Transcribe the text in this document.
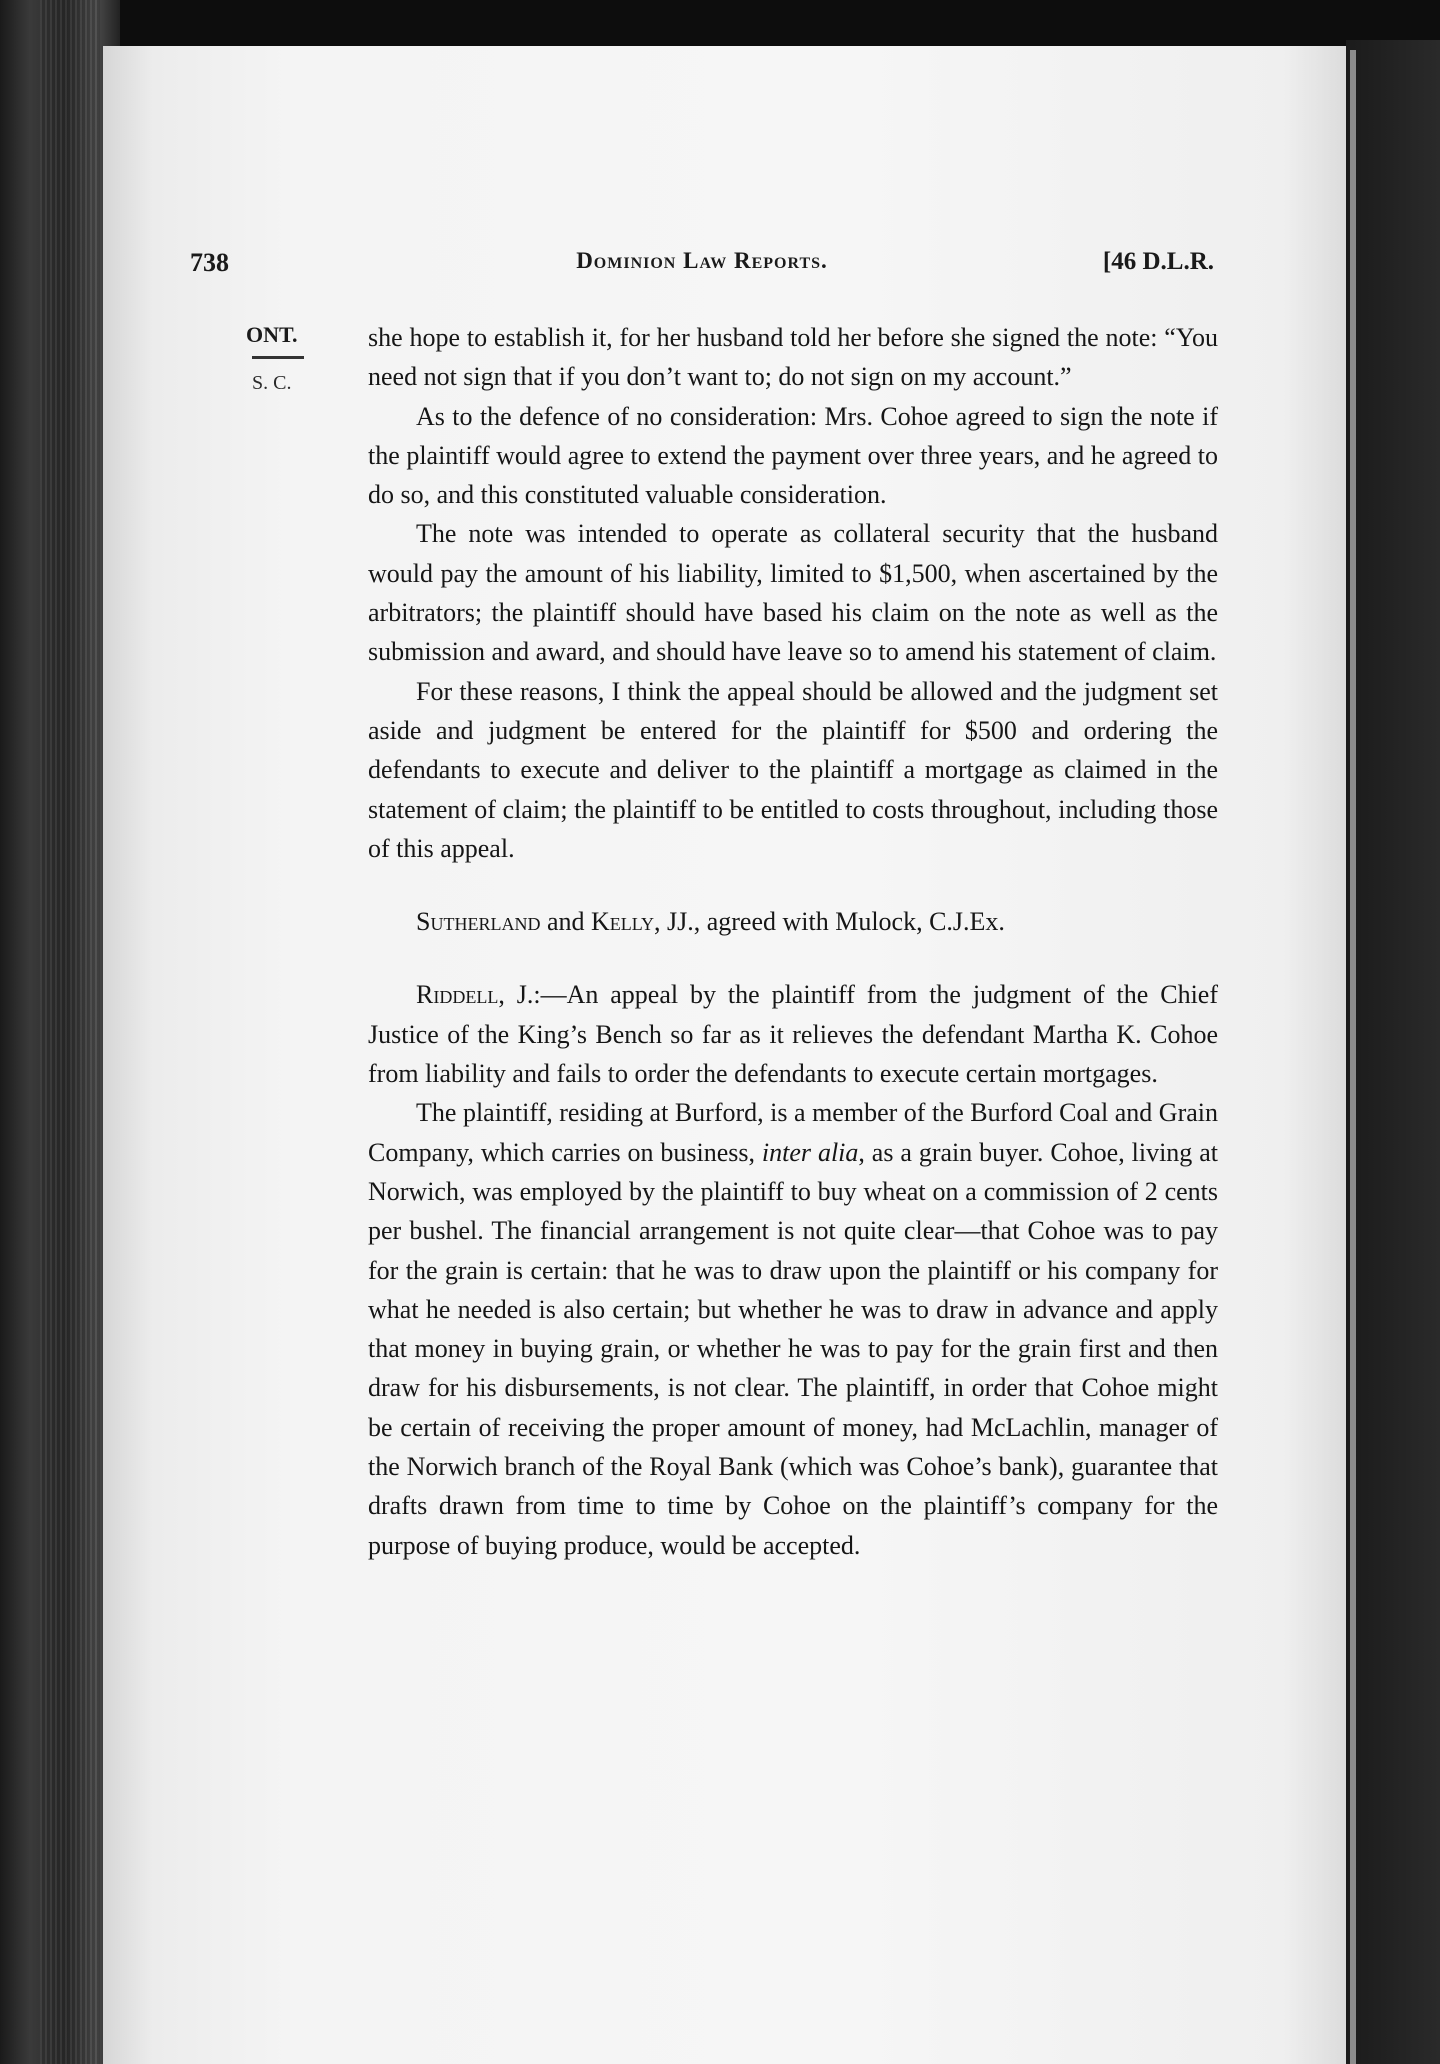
738	Dominion Law Reports.	[46 D.L.R.
ONT.
S. C.

she hope to establish it, for her husband told her before she signed the note: “You need not sign that if you don’t want to; do not sign on my account.”

As to the defence of no consideration: Mrs. Cohoe agreed to sign the note if the plaintiff would agree to extend the payment over three years, and he agreed to do so, and this constituted valuable consideration.

The note was intended to operate as collateral security that the husband would pay the amount of his liability, limited to $1,500, when ascertained by the arbitrators; the plaintiff should have based his claim on the note as well as the submission and award, and should have leave so to amend his statement of claim.

For these reasons, I think the appeal should be allowed and the judgment set aside and judgment be entered for the plaintiff for $500 and ordering the defendants to execute and deliver to the plaintiff a mortgage as claimed in the statement of claim; the plaintiff to be entitled to costs throughout, including those of this appeal.

Sutherland and Kelly, JJ., agreed with Mulock, C.J.Ex.

Riddell, J.:—An appeal by the plaintiff from the judgment of the Chief Justice of the King’s Bench so far as it relieves the defendant Martha K. Cohoe from liability and fails to order the defendants to execute certain mortgages.

The plaintiff, residing at Burford, is a member of the Burford Coal and Grain Company, which carries on business, inter alia, as a grain buyer. Cohoe, living at Norwich, was employed by the plaintiff to buy wheat on a commission of 2 cents per bushel. The financial arrangement is not quite clear—that Cohoe was to pay for the grain is certain: that he was to draw upon the plaintiff or his company for what he needed is also certain; but whether he was to draw in advance and apply that money in buying grain, or whether he was to pay for the grain first and then draw for his disbursements, is not clear. The plaintiff, in order that Cohoe might be certain of receiving the proper amount of money, had McLachlin, manager of the Norwich branch of the Royal Bank (which was Cohoe’s bank), guarantee that drafts drawn from time to time by Cohoe on the plaintiff’s company for the purpose of buying produce, would be accepted.
